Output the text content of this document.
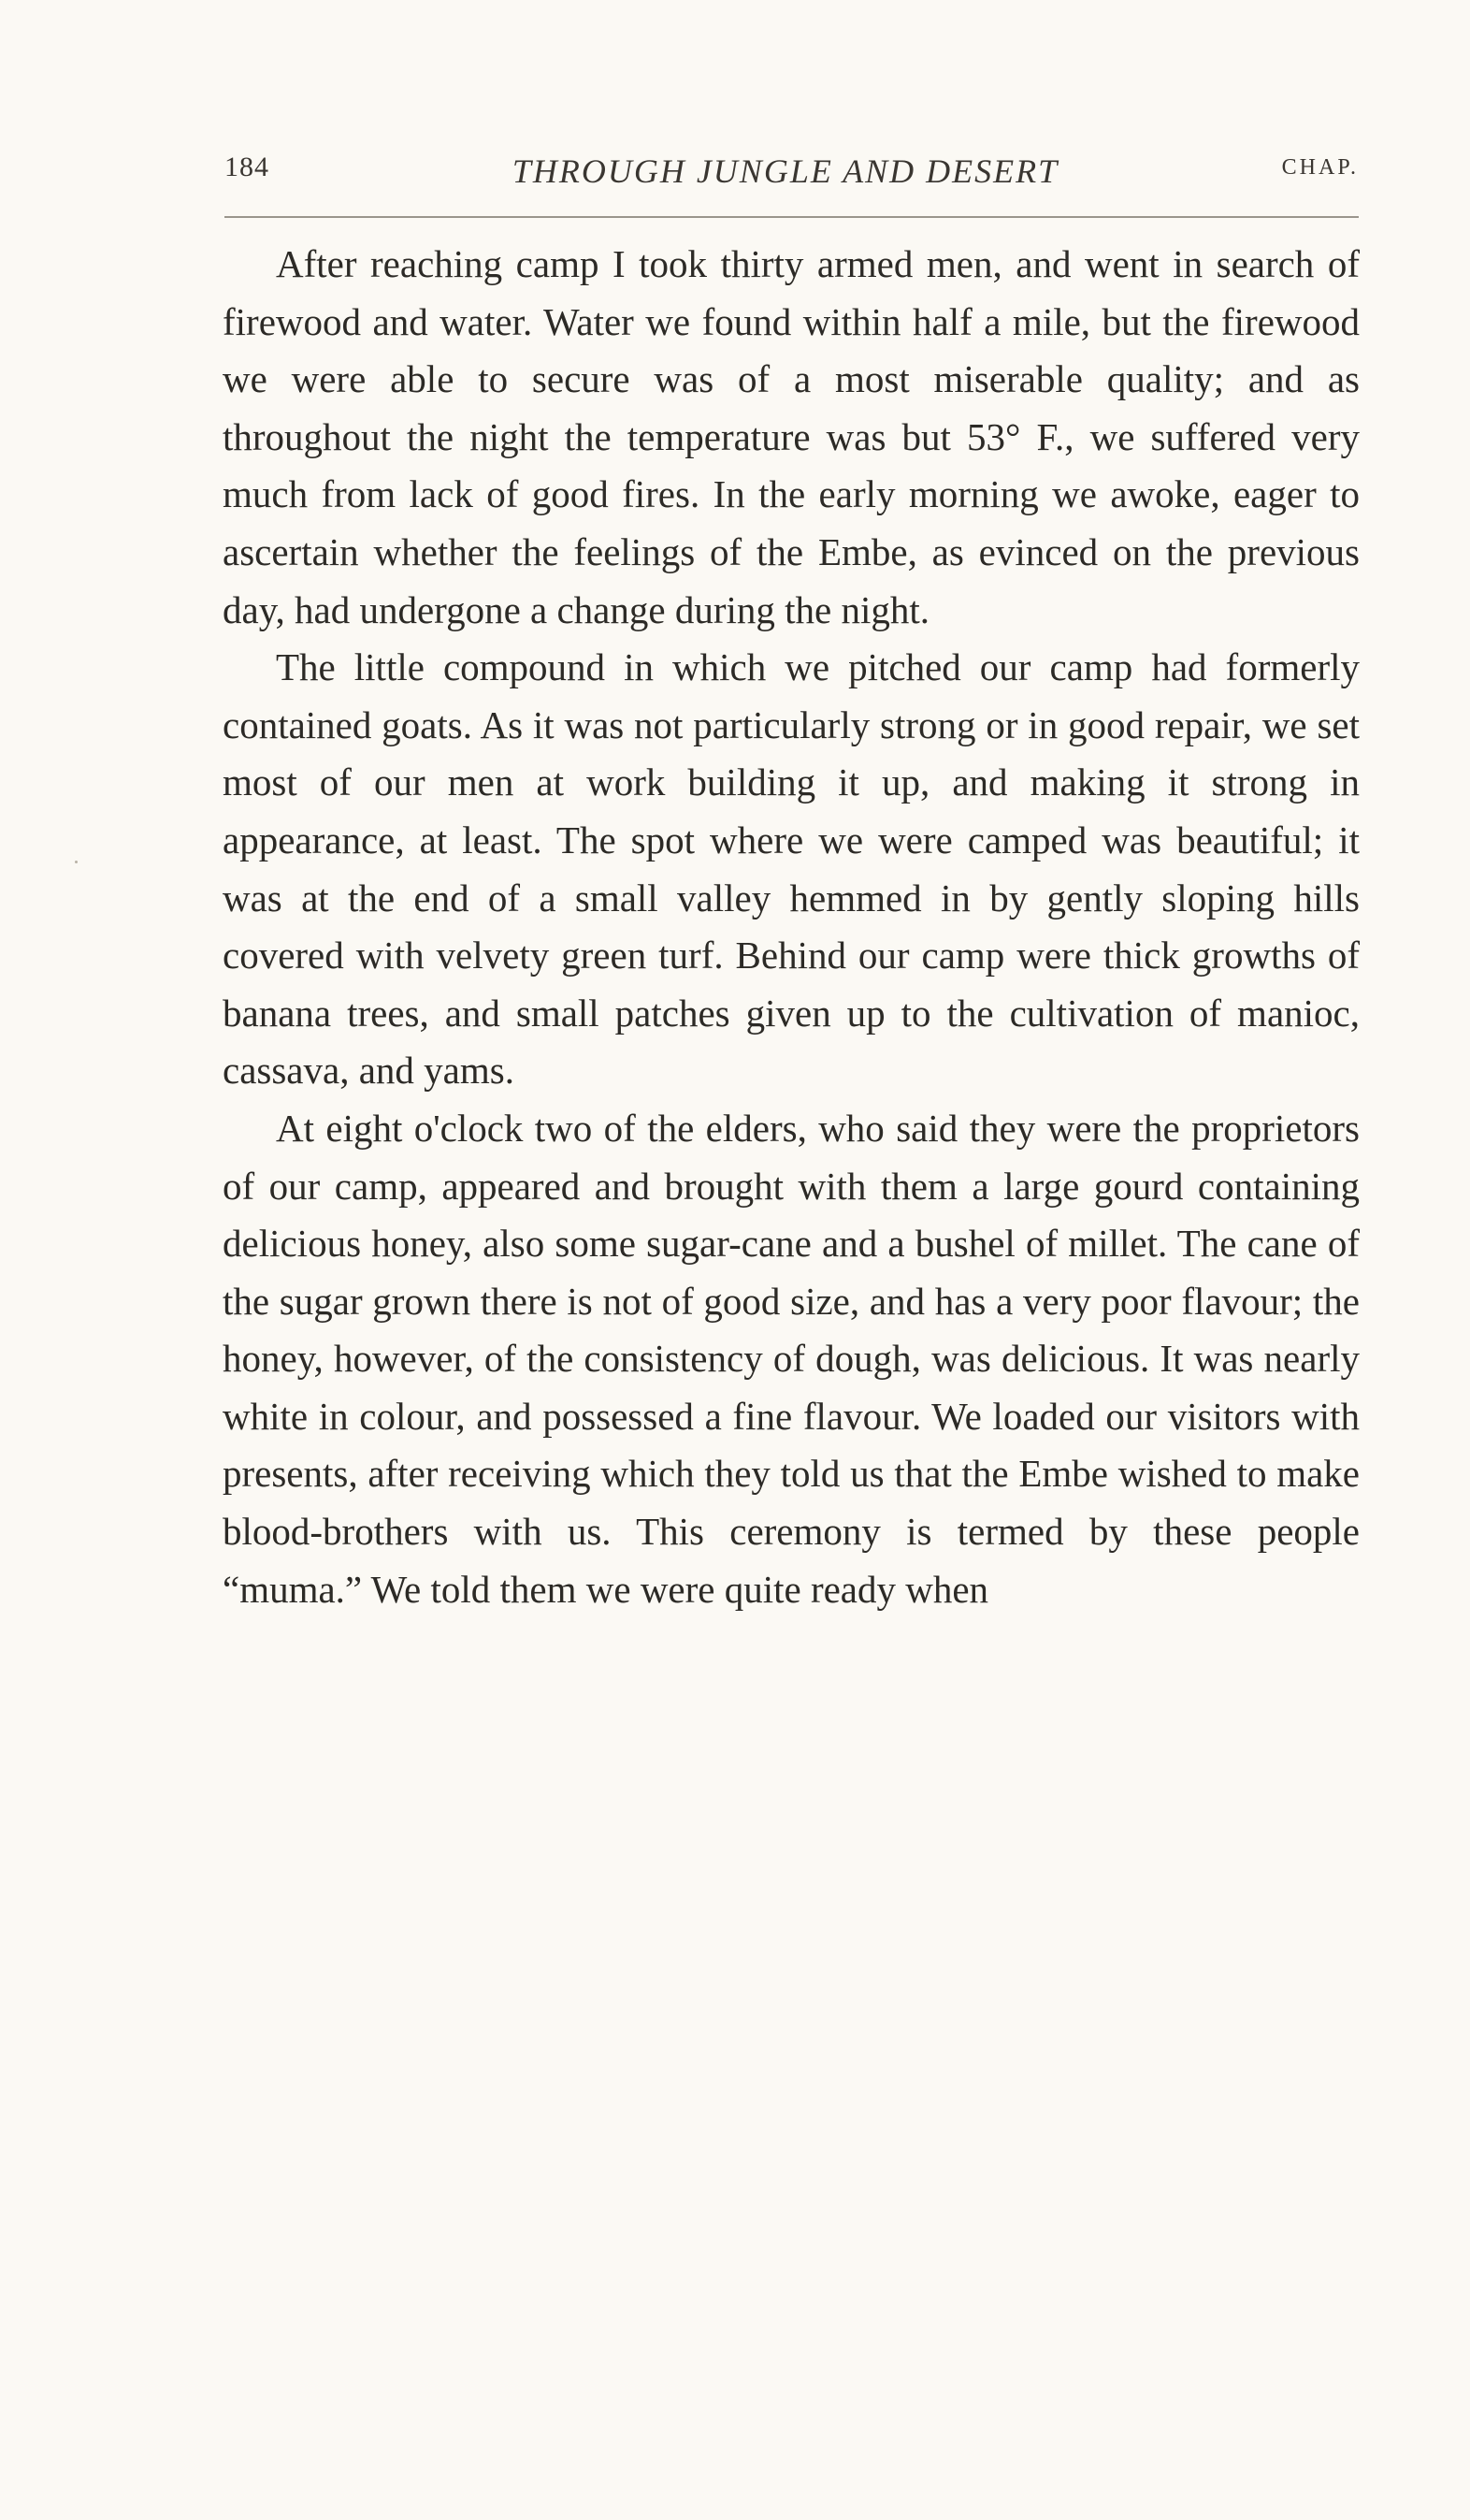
184	THROUGH JUNGLE AND DESERT	CHAP.

After reaching camp I took thirty armed men, and went in search of firewood and water. Water we found within half a mile, but the firewood we were able to secure was of a most miserable quality; and as throughout the night the temperature was but 53° F., we suffered very much from lack of good fires. In the early morning we awoke, eager to ascertain whether the feelings of the Embe, as evinced on the previous day, had undergone a change during the night.

The little compound in which we pitched our camp had formerly contained goats. As it was not particularly strong or in good repair, we set most of our men at work building it up, and making it strong in appearance, at least. The spot where we were camped was beautiful; it was at the end of a small valley hemmed in by gently sloping hills covered with velvety green turf. Behind our camp were thick growths of banana trees, and small patches given up to the cultivation of manioc, cassava, and yams.

At eight o'clock two of the elders, who said they were the proprietors of our camp, appeared and brought with them a large gourd containing delicious honey, also some sugar-cane and a bushel of millet. The cane of the sugar grown there is not of good size, and has a very poor flavour; the honey, however, of the consistency of dough, was delicious. It was nearly white in colour, and possessed a fine flavour. We loaded our visitors with presents, after receiving which they told us that the Embe wished to make blood-brothers with us. This ceremony is termed by these people “muma.” We told them we were quite ready when
